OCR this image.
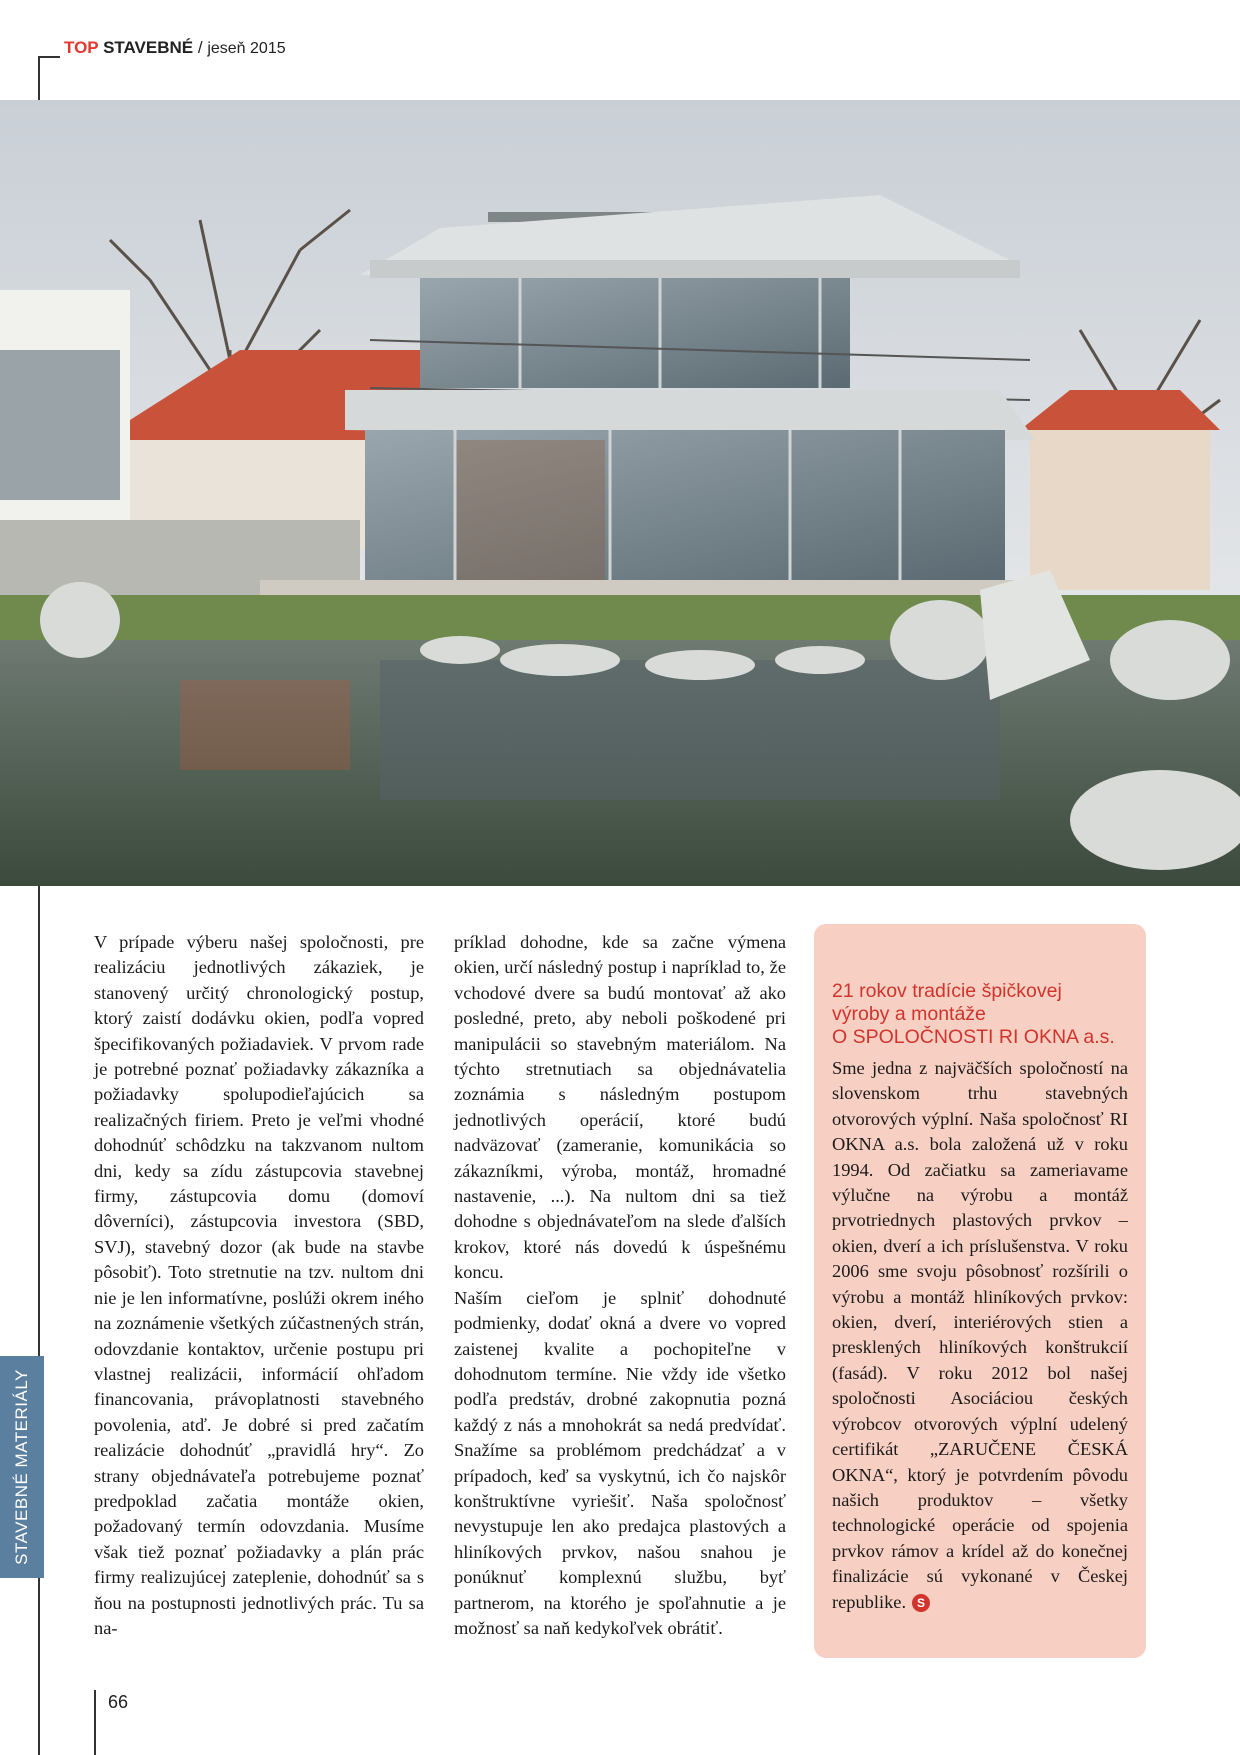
TOP STAVEBNÉ / jeseň 2015
STAVEBNÉ MATERIÁLY

V prípade výberu našej spoločnosti, pre realizáciu jednotlivých zákaziek, je stanovený určitý chronologický postup, ktorý zaistí dodávku okien, podľa vopred špecifikovaných požiadaviek. V prvom rade je potrebné poznať požiadavky zákazníka a požiadavky spolupodieľajúcich sa realizačných firiem. Preto je veľmi vhodné dohodnúť schôdzku na takzvanom nultom dni, kedy sa zídu zástupcovia stavebnej firmy, zástupcovia domu (domoví dôverníci), zástupcovia investora (SBD, SVJ), stavebný dozor (ak bude na stavbe pôsobiť). Toto stretnutie na tzv. nultom dni nie je len informatívne, poslúži okrem iného na zoznámenie všetkých zúčastnených strán, odovzdanie kontaktov, určenie postupu pri vlastnej realizácii, informácií ohľadom financovania, právoplatnosti stavebného povolenia, atď. Je dobré si pred začatím realizácie dohodnúť „pravidlá hry“. Zo strany objednávateľa potrebujeme poznať predpoklad začatia montáže okien, požadovaný termín odovzdania. Musíme však tiež poznať požiadavky a plán prác firmy realizujúcej zateplenie, dohodnúť sa s ňou na postupnosti jednotlivých prác. Tu sa na-

príklad dohodne, kde sa začne výmena okien, určí následný postup i napríklad to, že vchodové dvere sa budú montovať až ako posledné, preto, aby neboli poškodené pri manipulácii so stavebným materiálom. Na týchto stretnutiach sa objednávatelia zoznámia s následným postupom jednotlivých operácií, ktoré budú nadväzovať (zameranie, komunikácia so zákazníkmi, výroba, montáž, hromadné nastavenie, ...). Na nultom dni sa tiež dohodne s objednávateľom na slede ďalších krokov, ktoré nás dovedú k úspešnému koncu.

Naším cieľom je splniť dohodnuté podmienky, dodať okná a dvere vo vopred zaistenej kvalite a pochopiteľne v dohodnutom termíne. Nie vždy ide všetko podľa predstáv, drobné zakopnutia pozná každý z nás a mnohokrát sa nedá predvídať. Snažíme sa problémom predchádzať a v prípadoch, keď sa vyskytnú, ich čo najskôr konštruktívne vyriešiť. Naša spoločnosť nevystupuje len ako predajca plastových a hliníkových prvkov, našou snahou je ponúknuť komplexnú službu, byť partnerom, na ktorého je spoľahnutie a je možnosť sa naň kedykoľvek obrátiť.

21 rokov tradície špičkovej
výroby a montáže
O SPOLOČNOSTI RI OKNA a.s.

Sme jedna z najväčších spoločností na slovenskom trhu stavebných otvorových výplní. Naša spoločnosť RI OKNA a.s. bola založená už v roku 1994. Od začiatku sa zameriavame výlučne na výrobu a montáž prvotriednych plastových prvkov – okien, dverí a ich príslušenstva. V roku 2006 sme svoju pôsobnosť rozšírili o výrobu a montáž hliníkových prvkov: okien, dverí, interiérových stien a presklených hliníkových konštrukcií (fasád). V roku 2012 bol našej spoločnosti Asociáciou českých výrobcov otvorových výplní udelený certifikát „ZARUČENE ČESKÁ OKNA“, ktorý je potvrdením pôvodu našich produktov – všetky technologické operácie od spojenia prvkov rámov a krídel až do konečnej finalizácie sú vykonané v Českej republike. S

66
